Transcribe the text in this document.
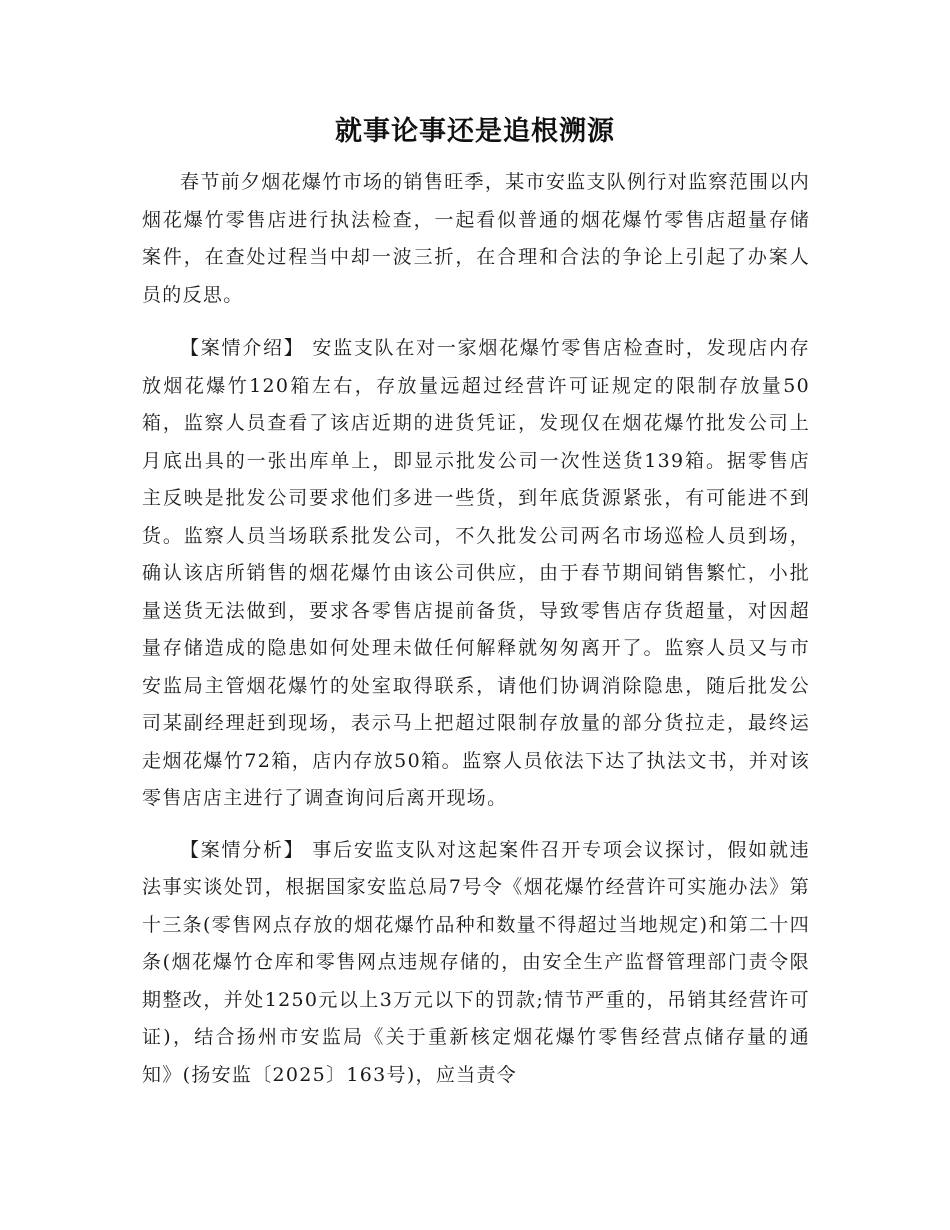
就事论事还是追根溯源

春节前夕烟花爆竹市场的销售旺季，某市安监支队例行对监察范围以内烟花爆竹零售店进行执法检查，一起看似普通的烟花爆竹零售店超量存储案件，在查处过程当中却一波三折，在合理和合法的争论上引起了办案人员的反思。

【案情介绍】 安监支队在对一家烟花爆竹零售店检查时，发现店内存放烟花爆竹120箱左右，存放量远超过经营许可证规定的限制存放量50箱，监察人员查看了该店近期的进货凭证，发现仅在烟花爆竹批发公司上月底出具的一张出库单上，即显示批发公司一次性送货139箱。据零售店主反映是批发公司要求他们多进一些货，到年底货源紧张，有可能进不到货。监察人员当场联系批发公司，不久批发公司两名市场巡检人员到场，确认该店所销售的烟花爆竹由该公司供应，由于春节期间销售繁忙，小批量送货无法做到，要求各零售店提前备货，导致零售店存货超量，对因超量存储造成的隐患如何处理未做任何解释就匆匆离开了。监察人员又与市安监局主管烟花爆竹的处室取得联系，请他们协调消除隐患，随后批发公司某副经理赶到现场，表示马上把超过限制存放量的部分货拉走，最终运走烟花爆竹72箱，店内存放50箱。监察人员依法下达了执法文书，并对该零售店店主进行了调查询问后离开现场。

【案情分析】 事后安监支队对这起案件召开专项会议探讨，假如就违法事实谈处罚，根据国家安监总局7号令《烟花爆竹经营许可实施办法》第十三条(零售网点存放的烟花爆竹品种和数量不得超过当地规定)和第二十四条(烟花爆竹仓库和零售网点违规存储的，由安全生产监督管理部门责令限期整改，并处1250元以上3万元以下的罚款;情节严重的，吊销其经营许可证)，结合扬州市安监局《关于重新核定烟花爆竹零售经营点储存量的通知》(扬安监〔2025〕163号)，应当责令
